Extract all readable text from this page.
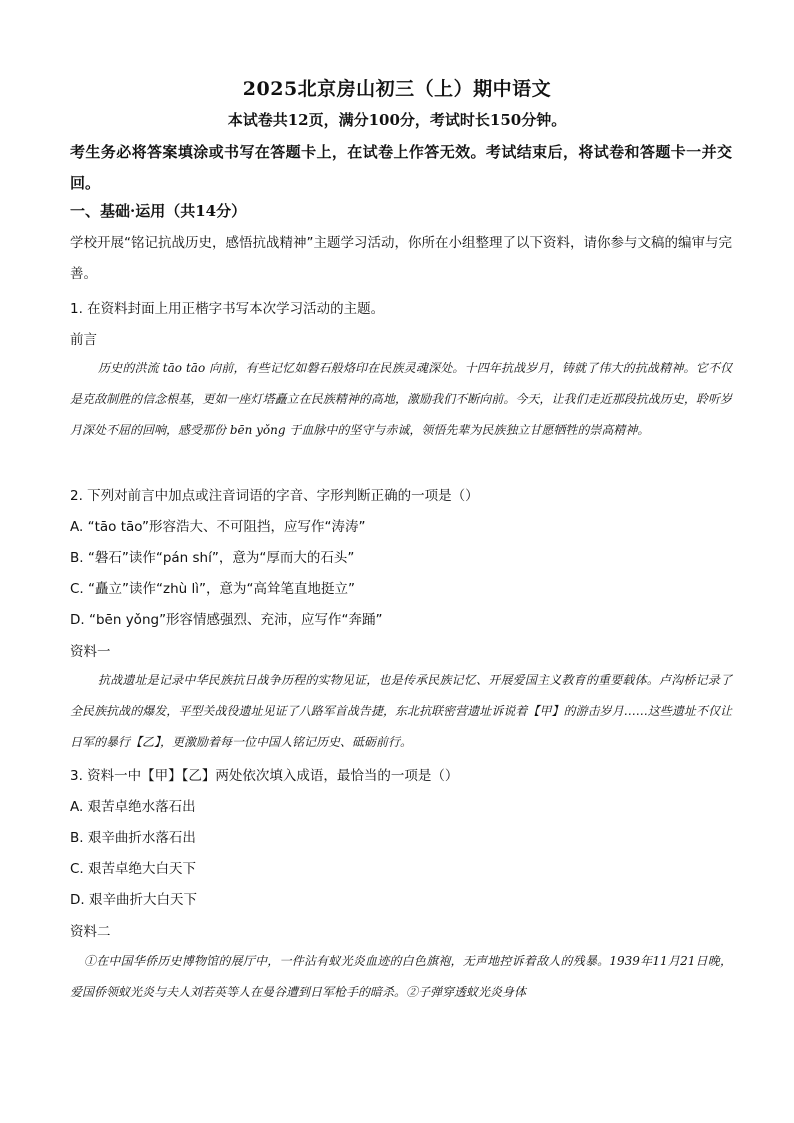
2025北京房山初三（上）期中语文
本试卷共12页，满分100分，考试时长150分钟。
考生务必将答案填涂或书写在答题卡上，在试卷上作答无效。考试结束后，将试卷和答题卡一并交回。
一、基础·运用（共14分）
学校开展“铭记抗战历史，感悟抗战精神”主题学习活动，你所在小组整理了以下资料，请你参与文稿的编审与完善。
1. 在资料封面上用正楷字书写本次学习活动的主题。
前言
历史的洪流 tāo tāo 向前，有些记忆如磐石般烙印在民族灵魂深处。十四年抗战岁月，铸就了伟大的抗战精神。它不仅是克敌制胜的信念根基，更如一座灯塔矗立在民族精神的高地，激励我们不断向前。今天，让我们走近那段抗战历史，聆听岁月深处不屈的回响，感受那份 bēn yǒng 于血脉中的坚守与赤诚，领悟先辈为民族独立甘愿牺牲的崇高精神。
2. 下列对前言中加点或注音词语的字音、字形判断正确的一项是（）
A. “tāo tāo”形容浩大、不可阻挡，应写作“涛涛”
B. “磐石”读作“pán shí”，意为“厚而大的石头”
C. “矗立”读作“zhù lì”，意为“高耸笔直地挺立”
D. “bēn yǒng”形容情感强烈、充沛，应写作“奔踊”
资料一
抗战遗址是记录中华民族抗日战争历程的实物见证，也是传承民族记忆、开展爱国主义教育的重要载体。卢沟桥记录了全民族抗战的爆发，平型关战役遗址见证了八路军首战告捷，东北抗联密营遗址诉说着【甲】的游击岁月……这些遗址不仅让日军的暴行【乙】，更激励着每一位中国人铭记历史、砥砺前行。
3. 资料一中【甲】【乙】两处依次填入成语，最恰当的一项是（）
A. 艰苦卓绝水落石出
B. 艰辛曲折水落石出
C. 艰苦卓绝大白天下
D. 艰辛曲折大白天下
资料二
①在中国华侨历史博物馆的展厅中，一件沾有蚁光炎血迹的白色旗袍，无声地控诉着敌人的残暴。1939年11月21日晚，爱国侨领蚁光炎与夫人刘若英等人在曼谷遭到日军枪手的暗杀。②子弹穿透蚁光炎身体
